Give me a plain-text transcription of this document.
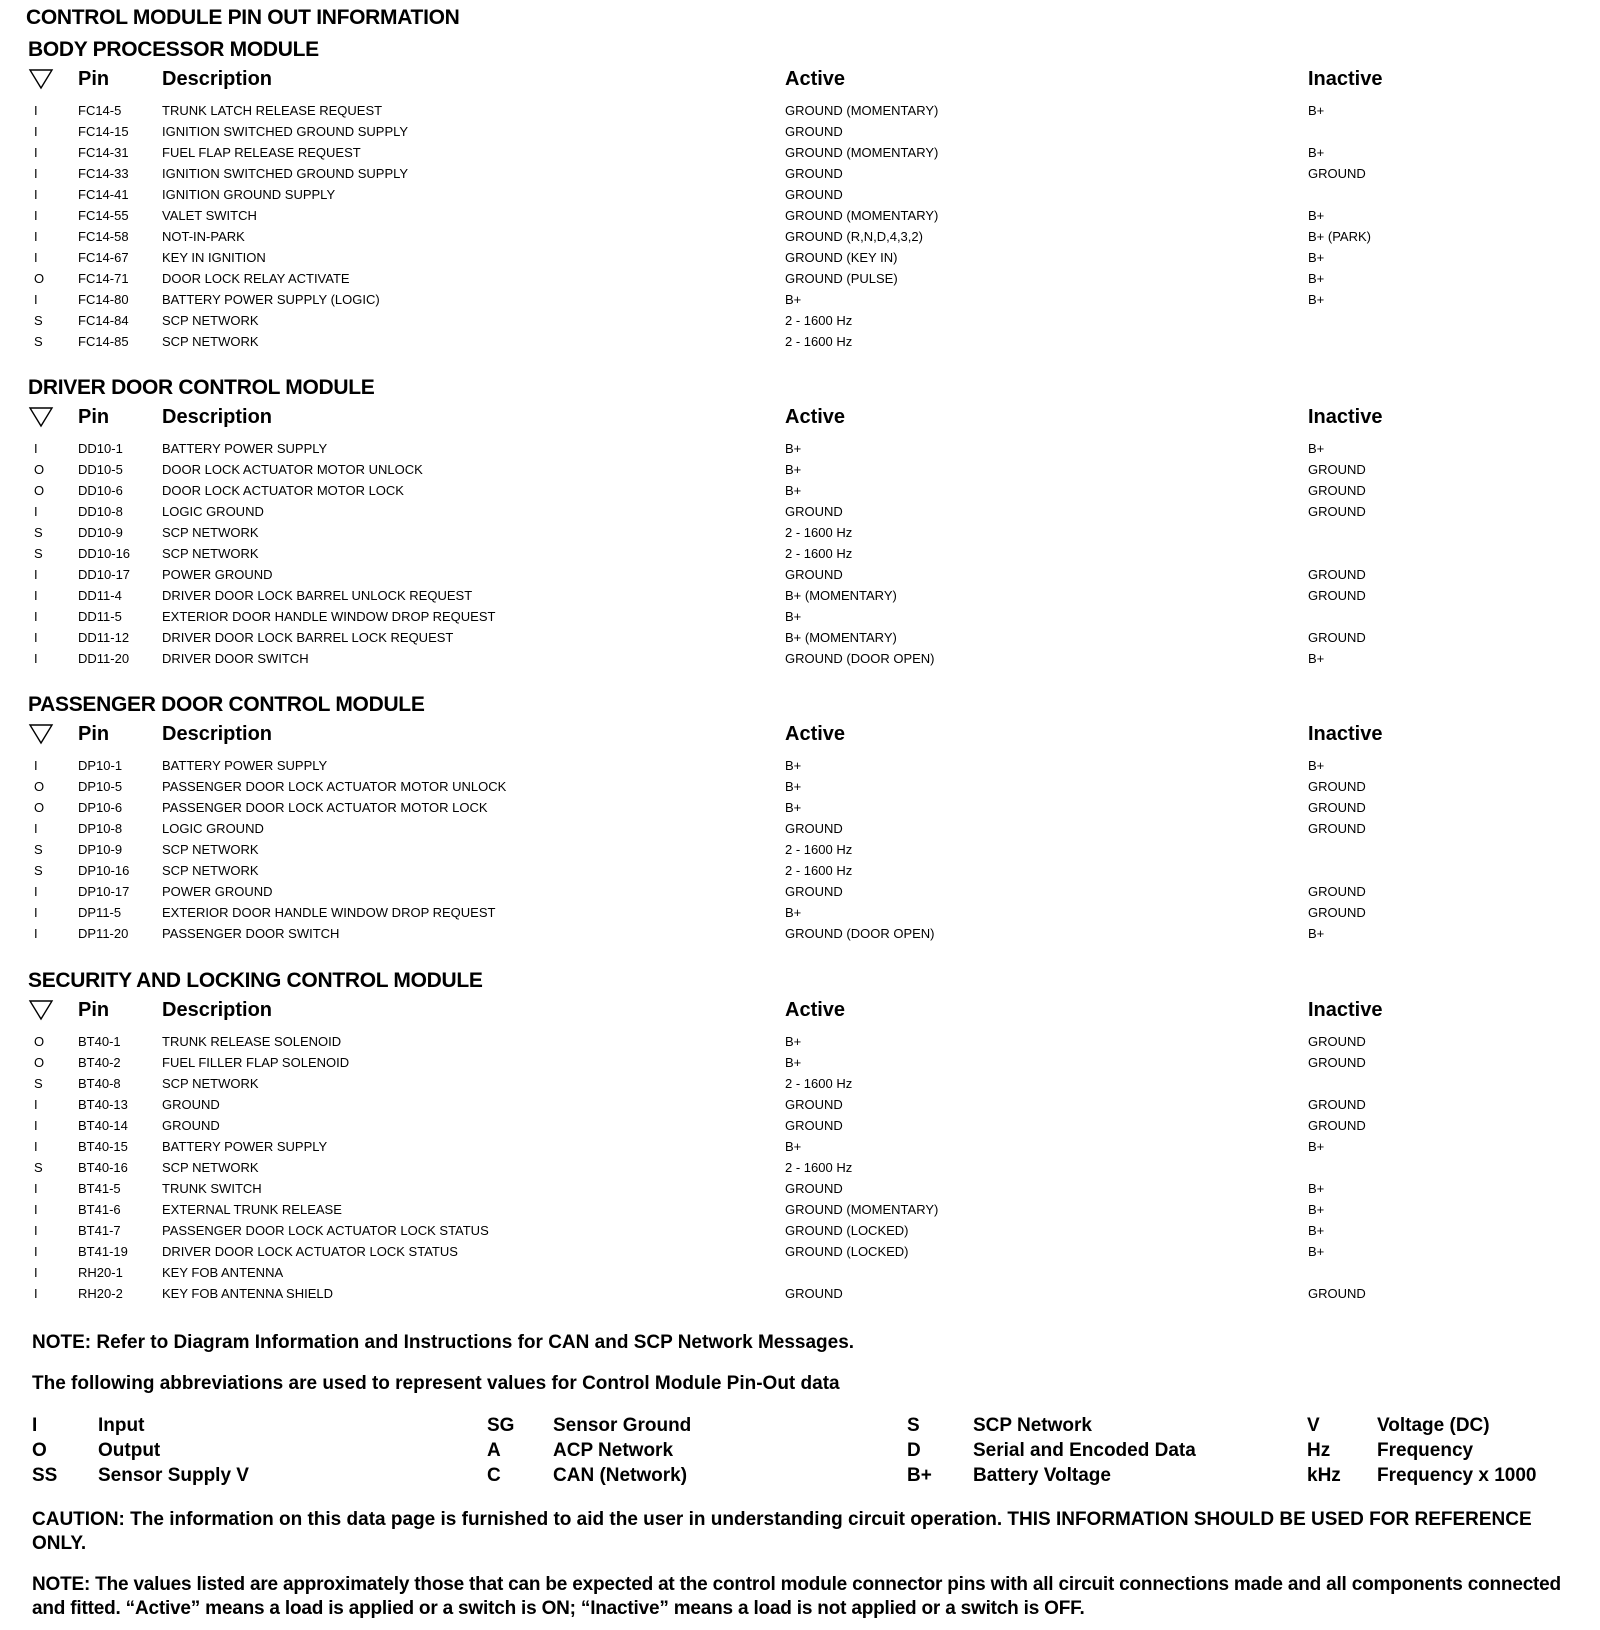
CONTROL MODULE PIN OUT INFORMATION
BODY PROCESSOR MODULE
Pin	Description	Active	Inactive
I	FC14-5	TRUNK LATCH RELEASE REQUEST	GROUND (MOMENTARY)	B+
I	FC14-15	IGNITION SWITCHED GROUND SUPPLY	GROUND
I	FC14-31	FUEL FLAP RELEASE REQUEST	GROUND (MOMENTARY)	B+
I	FC14-33	IGNITION SWITCHED GROUND SUPPLY	GROUND	GROUND
I	FC14-41	IGNITION GROUND SUPPLY	GROUND
I	FC14-55	VALET SWITCH	GROUND (MOMENTARY)	B+
I	FC14-58	NOT-IN-PARK	GROUND (R,N,D,4,3,2)	B+ (PARK)
I	FC14-67	KEY IN IGNITION	GROUND (KEY IN)	B+
O	FC14-71	DOOR LOCK RELAY ACTIVATE	GROUND (PULSE)	B+
I	FC14-80	BATTERY POWER SUPPLY (LOGIC)	B+	B+
S	FC14-84	SCP NETWORK	2 - 1600 Hz
S	FC14-85	SCP NETWORK	2 - 1600 Hz
DRIVER DOOR CONTROL MODULE
Pin	Description	Active	Inactive
I	DD10-1	BATTERY POWER SUPPLY	B+	B+
O	DD10-5	DOOR LOCK ACTUATOR MOTOR UNLOCK	B+	GROUND
O	DD10-6	DOOR LOCK ACTUATOR MOTOR LOCK	B+	GROUND
I	DD10-8	LOGIC GROUND	GROUND	GROUND
S	DD10-9	SCP NETWORK	2 - 1600 Hz
S	DD10-16 SCP NETWORK	2 - 1600 Hz
I	DD10-17 POWER GROUND	GROUND	GROUND
I	DD11-4	DRIVER DOOR LOCK BARREL UNLOCK REQUEST	B+ (MOMENTARY)	GROUND
I	DD11-5	EXTERIOR DOOR HANDLE WINDOW DROP REQUEST	B+
I	DD11-12	DRIVER DOOR LOCK BARREL LOCK REQUEST	B+ (MOMENTARY)	GROUND
I	DD11-20	DRIVER DOOR SWITCH	GROUND (DOOR OPEN)	B+
PASSENGER DOOR CONTROL MODULE
Pin	Description	Active	Inactive
I	DP10-1	BATTERY POWER SUPPLY	B+	B+
O	DP10-5	PASSENGER DOOR LOCK ACTUATOR MOTOR UNLOCK	B+	GROUND
O	DP10-6	PASSENGER DOOR LOCK ACTUATOR MOTOR LOCK	B+	GROUND
I	DP10-8	LOGIC GROUND	GROUND	GROUND
S	DP10-9	SCP NETWORK	2 - 1600 Hz
S	DP10-16	SCP NETWORK	2 - 1600 Hz
I	DP10-17	POWER GROUND	GROUND	GROUND
I	DP11-5	EXTERIOR DOOR HANDLE WINDOW DROP REQUEST	B+	GROUND
I	DP11-20	PASSENGER DOOR SWITCH	GROUND (DOOR OPEN)	B+
SECURITY AND LOCKING CONTROL MODULE
Pin	Description	Active	Inactive
O	BT40-1	TRUNK RELEASE SOLENOID	B+	GROUND
O	BT40-2	FUEL FILLER FLAP SOLENOID	B+	GROUND
S	BT40-8	SCP NETWORK	2 - 1600 Hz
I	BT40-13	GROUND	GROUND	GROUND
I	BT40-14	GROUND	GROUND	GROUND
I	BT40-15	BATTERY POWER SUPPLY	B+	B+
S	BT40-16	SCP NETWORK	2 - 1600 Hz
I	BT41-5	TRUNK SWITCH	GROUND	B+
I	BT41-6	EXTERNAL TRUNK RELEASE	GROUND (MOMENTARY)	B+
I	BT41-7	PASSENGER DOOR LOCK ACTUATOR LOCK STATUS	GROUND (LOCKED)	B+
I	BT41-19	DRIVER DOOR LOCK ACTUATOR LOCK STATUS	GROUND (LOCKED)	B+
I	RH20-1	KEY FOB ANTENNA
I	RH20-2	KEY FOB ANTENNA SHIELD	GROUND	GROUND
NOTE: Refer to Diagram Information and Instructions for CAN and SCP Network Messages.
The following abbreviations are used to represent values for Control Module Pin-Out data
I	Input	SG Sensor Ground	S	SCP Network	V	Voltage (DC)
O	Output	A	ACP Network	D	Serial and Encoded Data	Hz Frequency
SS Sensor Supply V	C	CAN (Network)	B+ Battery Voltage	kHz Frequency x 1000
CAUTION: The information on this data page is furnished to aid the user in understanding circuit operation. THIS INFORMATION SHOULD BE USED FOR REFERENCE ONLY.
NOTE: The values listed are approximately those that can be expected at the control module connector pins with all circuit connections made and all components connected and fitted. “Active” means a load is applied or a switch is ON; “Inactive” means a load is not applied or a switch is OFF.
